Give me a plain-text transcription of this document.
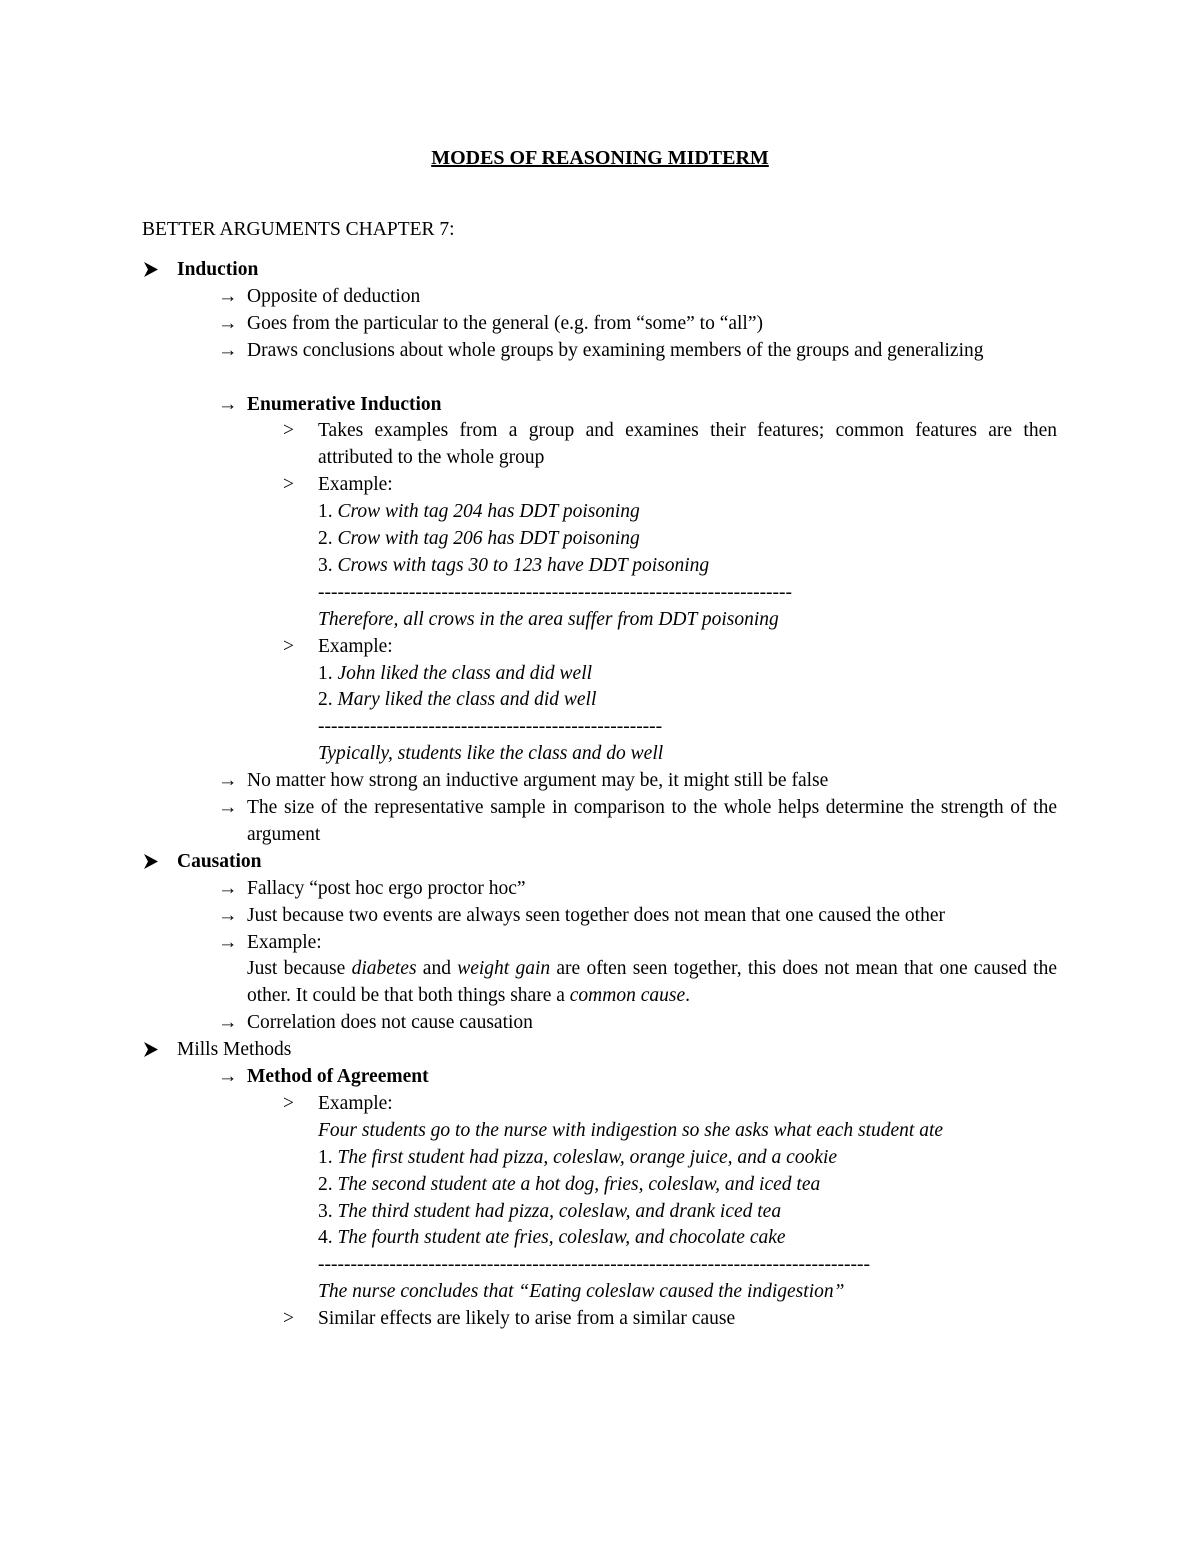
MODES OF REASONING MIDTERM
BETTER ARGUMENTS CHAPTER 7:
Induction
→ Opposite of deduction
→ Goes from the particular to the general (e.g. from “some” to “all”)
→ Draws conclusions about whole groups by examining members of the groups and generalizing
→ Enumerative Induction
> Takes examples from a group and examines their features; common features are then attributed to the whole group
> Example:
1. Crow with tag 204 has DDT poisoning
2. Crow with tag 206 has DDT poisoning
3. Crows with tags 30 to 123 have DDT poisoning
-------------------------------------------------------------------------
Therefore, all crows in the area suffer from DDT poisoning
> Example:
1. John liked the class and did well
2. Mary liked the class and did well
-----------------------------------------------------
Typically, students like the class and do well
→ No matter how strong an inductive argument may be, it might still be false
→ The size of the representative sample in comparison to the whole helps determine the strength of the argument
Causation
→ Fallacy “post hoc ergo proctor hoc”
→ Just because two events are always seen together does not mean that one caused the other
→ Example:
Just because diabetes and weight gain are often seen together, this does not mean that one caused the other. It could be that both things share a common cause.
→ Correlation does not cause causation
Mills Methods
→ Method of Agreement
> Example:
Four students go to the nurse with indigestion so she asks what each student ate
1. The first student had pizza, coleslaw, orange juice, and a cookie
2. The second student ate a hot dog, fries, coleslaw, and iced tea
3. The third student had pizza, coleslaw, and drank iced tea
4. The fourth student ate fries, coleslaw, and chocolate cake
-------------------------------------------------------------------------------------
The nurse concludes that “Eating coleslaw caused the indigestion”
> Similar effects are likely to arise from a similar cause
